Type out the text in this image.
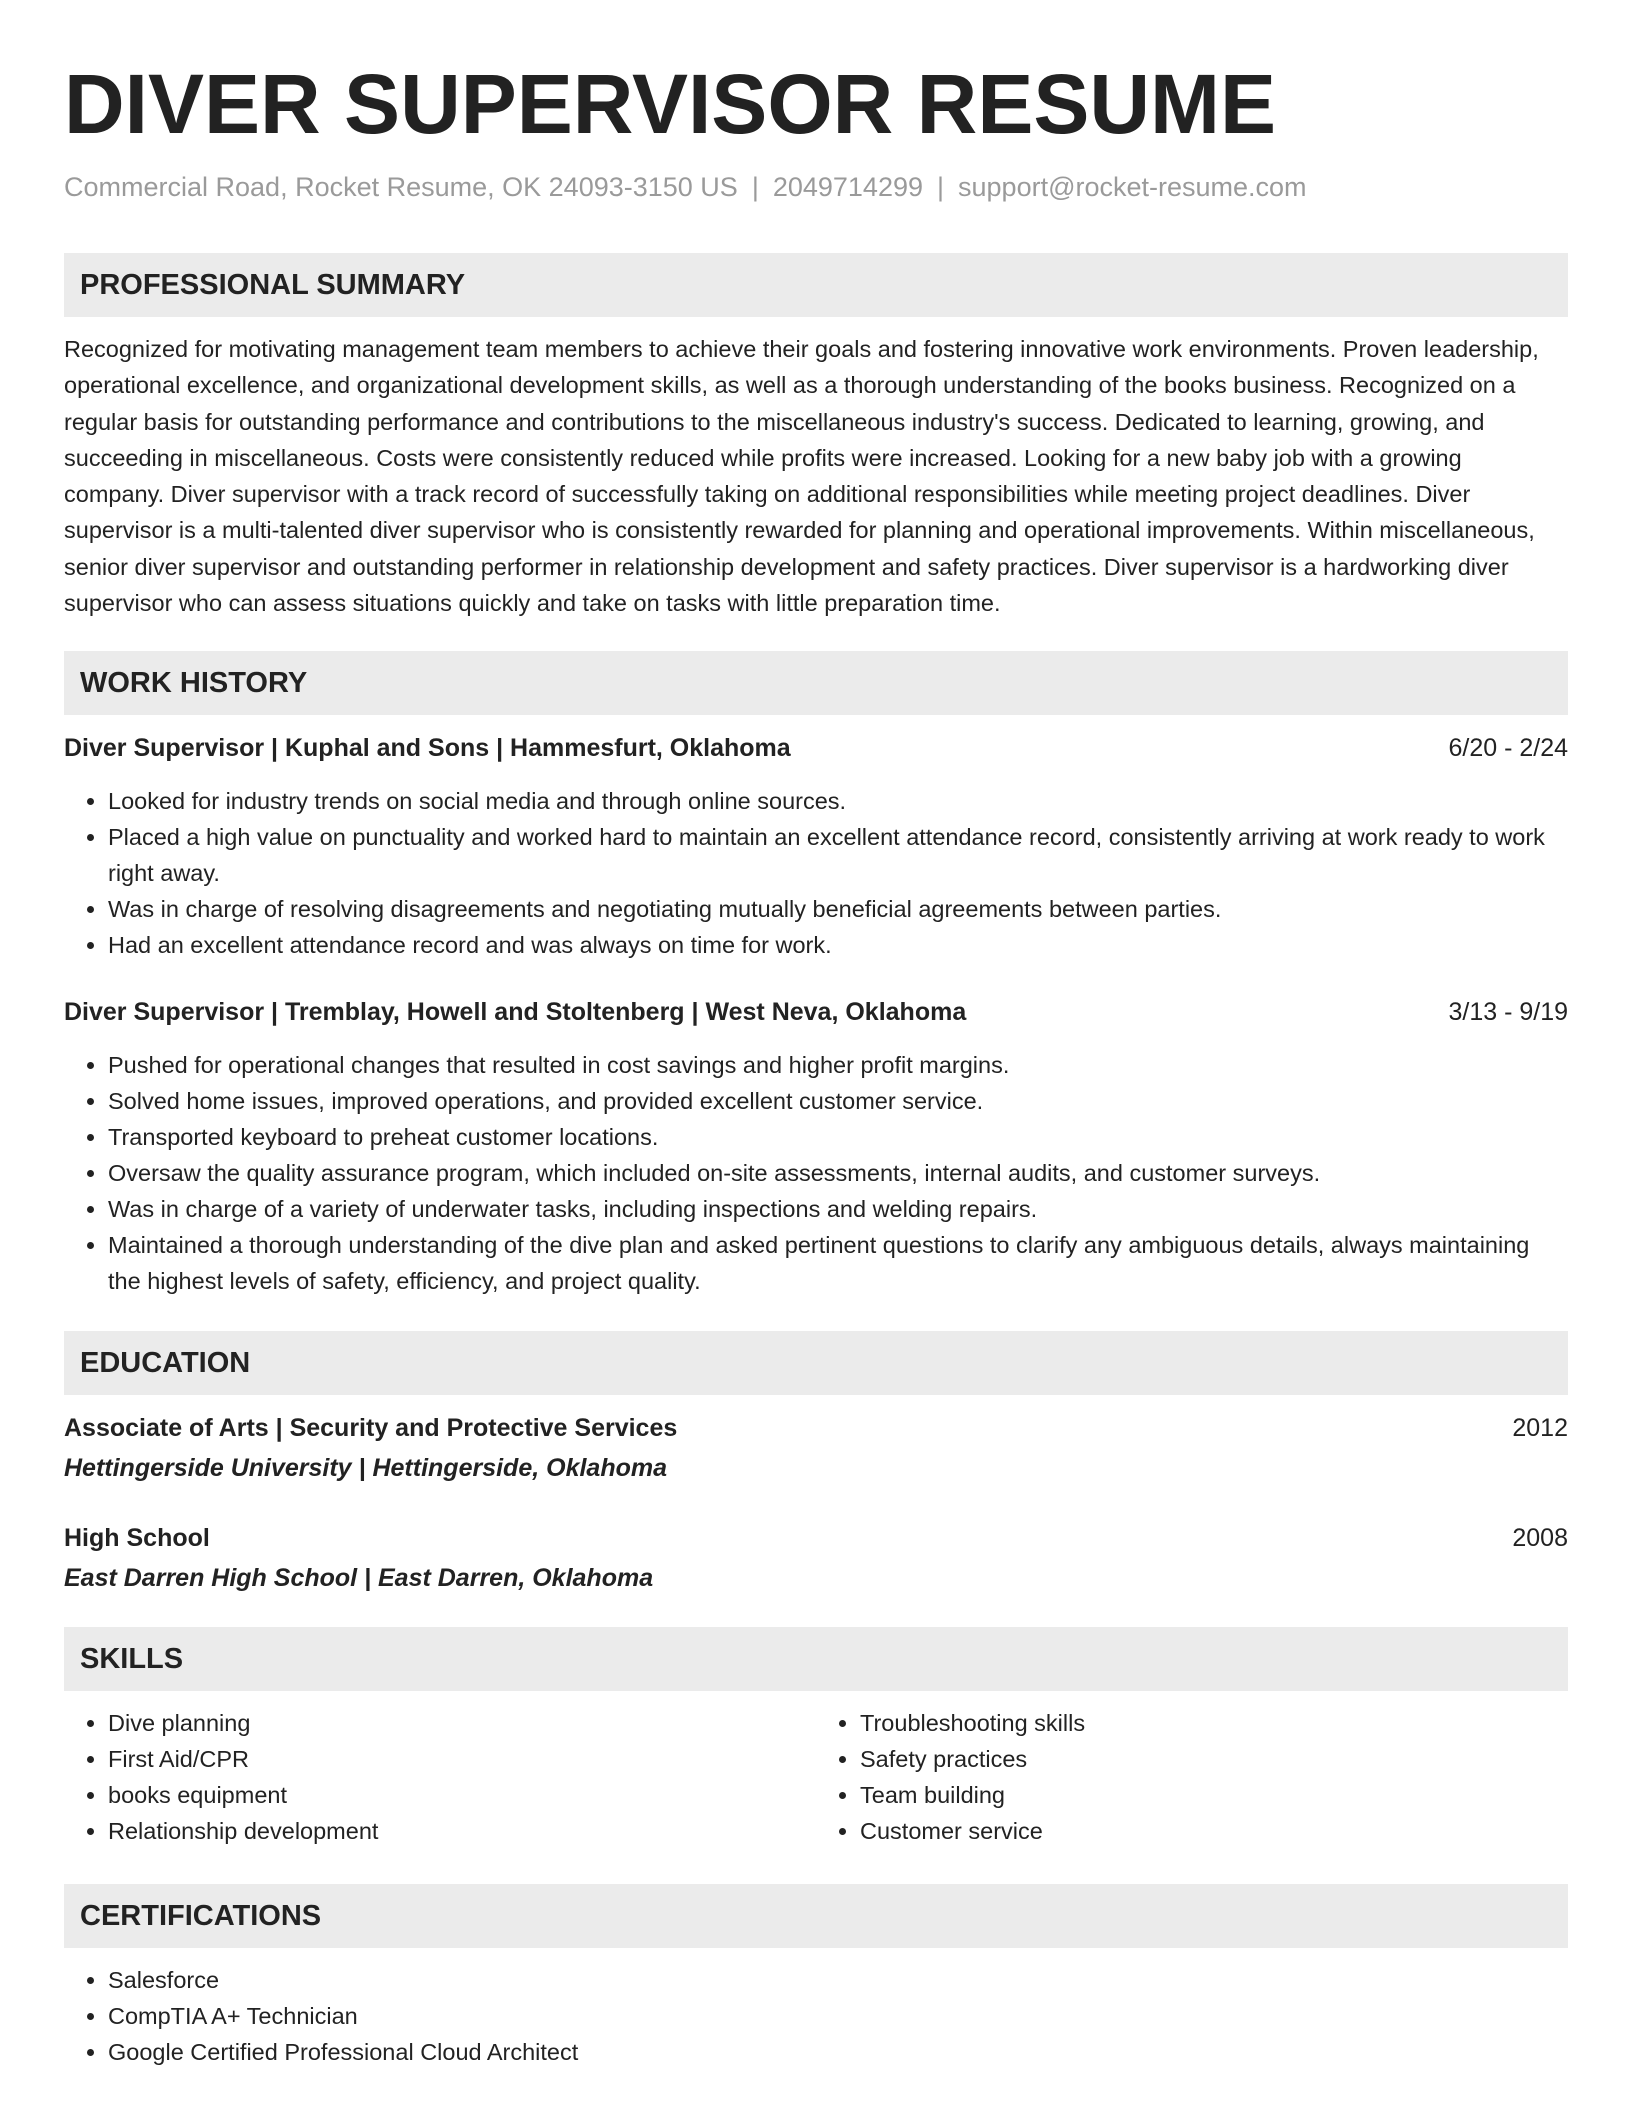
DIVER SUPERVISOR RESUME
Commercial Road, Rocket Resume, OK 24093-3150 US | 2049714299 | support@rocket-resume.com
PROFESSIONAL SUMMARY
Recognized for motivating management team members to achieve their goals and fostering innovative work environments. Proven leadership, operational excellence, and organizational development skills, as well as a thorough understanding of the books business. Recognized on a regular basis for outstanding performance and contributions to the miscellaneous industry's success. Dedicated to learning, growing, and succeeding in miscellaneous. Costs were consistently reduced while profits were increased. Looking for a new baby job with a growing company. Diver supervisor with a track record of successfully taking on additional responsibilities while meeting project deadlines. Diver supervisor is a multi-talented diver supervisor who is consistently rewarded for planning and operational improvements. Within miscellaneous, senior diver supervisor and outstanding performer in relationship development and safety practices. Diver supervisor is a hardworking diver supervisor who can assess situations quickly and take on tasks with little preparation time.
WORK HISTORY
Diver Supervisor | Kuphal and Sons | Hammesfurt, Oklahoma	6/20 - 2/24
• Looked for industry trends on social media and through online sources.
• Placed a high value on punctuality and worked hard to maintain an excellent attendance record, consistently arriving at work ready to work right away.
• Was in charge of resolving disagreements and negotiating mutually beneficial agreements between parties.
• Had an excellent attendance record and was always on time for work.
Diver Supervisor | Tremblay, Howell and Stoltenberg | West Neva, Oklahoma	3/13 - 9/19
• Pushed for operational changes that resulted in cost savings and higher profit margins.
• Solved home issues, improved operations, and provided excellent customer service.
• Transported keyboard to preheat customer locations.
• Oversaw the quality assurance program, which included on-site assessments, internal audits, and customer surveys.
• Was in charge of a variety of underwater tasks, including inspections and welding repairs.
• Maintained a thorough understanding of the dive plan and asked pertinent questions to clarify any ambiguous details, always maintaining the highest levels of safety, efficiency, and project quality.
EDUCATION
Associate of Arts | Security and Protective Services	2012
Hettingerside University | Hettingerside, Oklahoma
High School	2008
East Darren High School | East Darren, Oklahoma
SKILLS
• Dive planning
• First Aid/CPR
• books equipment
• Relationship development
• Troubleshooting skills
• Safety practices
• Team building
• Customer service
CERTIFICATIONS
• Salesforce
• CompTIA A+ Technician
• Google Certified Professional Cloud Architect
